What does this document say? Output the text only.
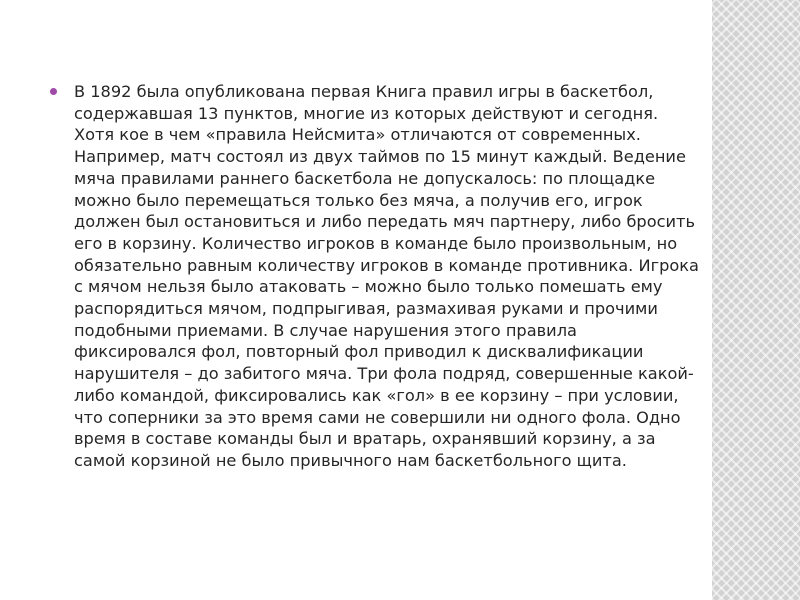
В 1892 была опубликована первая Книга правил игры в баскетбол,
содержавшая 13 пунктов, многие из которых действуют и сегодня.
Хотя кое в чем «правила Нейсмита» отличаются от современных.
Например, матч состоял из двух таймов по 15 минут каждый. Ведение
мяча правилами раннего баскетбола не допускалось: по площадке
можно было перемещаться только без мяча, а получив его, игрок
должен был остановиться и либо передать мяч партнеру, либо бросить
его в корзину. Количество игроков в команде было произвольным, но
обязательно равным количеству игроков в команде противника. Игрока
с мячом нельзя было атаковать – можно было только помешать ему
распорядиться мячом, подпрыгивая, размахивая руками и прочими
подобными приемами. В случае нарушения этого правила
фиксировался фол, повторный фол приводил к дисквалификации
нарушителя – до забитого мяча. Три фола подряд, совершенные какой-
либо командой, фиксировались как «гол» в ее корзину – при условии,
что соперники за это время сами не совершили ни одного фола. Одно
время в составе команды был и вратарь, охранявший корзину, а за
самой корзиной не было привычного нам баскетбольного щита.
